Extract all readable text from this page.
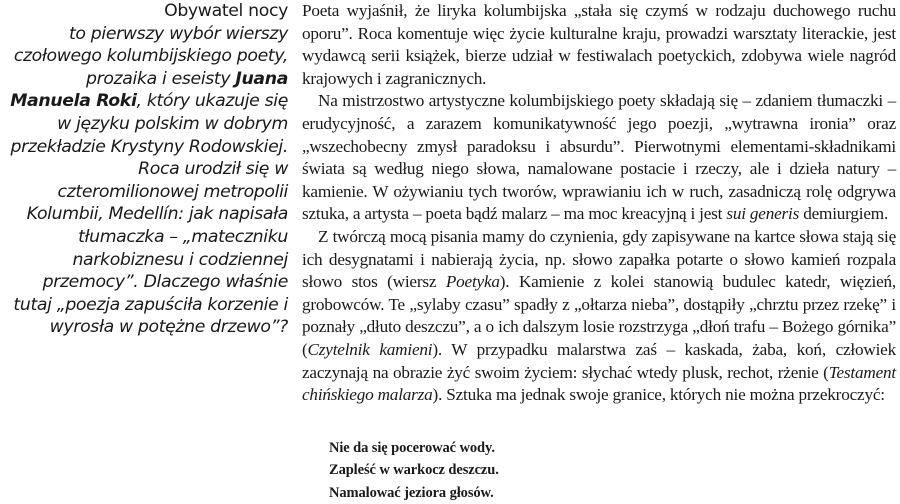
Obywatel nocy
to pierwszy wybór wierszy czołowego kolumbijskiego poety, prozaika i eseisty Juana Manuela Roki, który ukazuje się w języku polskim w dobrym przekładzie Krystyny Rodowskiej. Roca urodził się w czteromilionowej metropolii Kolumbii, Medellín: jak napisała tłumaczka – „mateczniku narkobiznesu i codziennej przemocy”. Dlaczego właśnie tutaj „poezja zapuściła korzenie i wyrosła w potężne drzewo”?

Poeta wyjaśnił, że liryka kolumbijska „stała się czymś w rodzaju duchowego ruchu oporu”. Roca komentuje więc życie kulturalne kraju, prowadzi warsztaty literackie, jest wydawcą serii książek, bierze udział w festiwalach poetyckich, zdobywa wiele nagród krajowych i zagranicznych.

Na mistrzostwo artystyczne kolumbijskiego poety składają się – zdaniem tłumaczki – erudycyjność, a zarazem komunikatywność jego poezji, „wytrawna ironia” oraz „wszechobecny zmysł paradoksu i absurdu”. Pierwotnymi elementami-składnikami świata są według niego słowa, namalowane postacie i rzeczy, ale i dzieła natury – kamienie. W ożywianiu tych tworów, wprawianiu ich w ruch, zasadniczą rolę odgrywa sztuka, a artysta – poeta bądź malarz – ma moc kreacyjną i jest sui generis demiurgiem.

Z twórczą mocą pisania mamy do czynienia, gdy zapisywane na kartce słowa stają się ich desygnatami i nabierają życia, np. słowo zapałka potarte o słowo kamień rozpala słowo stos (wiersz Poetyka). Kamienie z kolei stanowią budulec katedr, więzień, grobowców. Te „sylaby czasu” spadły z „ołtarza nieba”, dostąpiły „chrztu przez rzekę” i poznały „dłuto deszczu”, a o ich dalszym losie rozstrzyga „dłoń trafu – Bożego górnika” (Czytelnik kamieni). W przypadku malarstwa zaś – kaskada, żaba, koń, człowiek zaczynają na obrazie żyć swoim życiem: słychać wtedy plusk, rechot, rżenie (Testament chińskiego malarza). Sztuka ma jednak swoje granice, których nie można przekroczyć:

Nie da się pocerować wody.
Zapleść w warkocz deszczu.
Namalować jeziora głosów.
